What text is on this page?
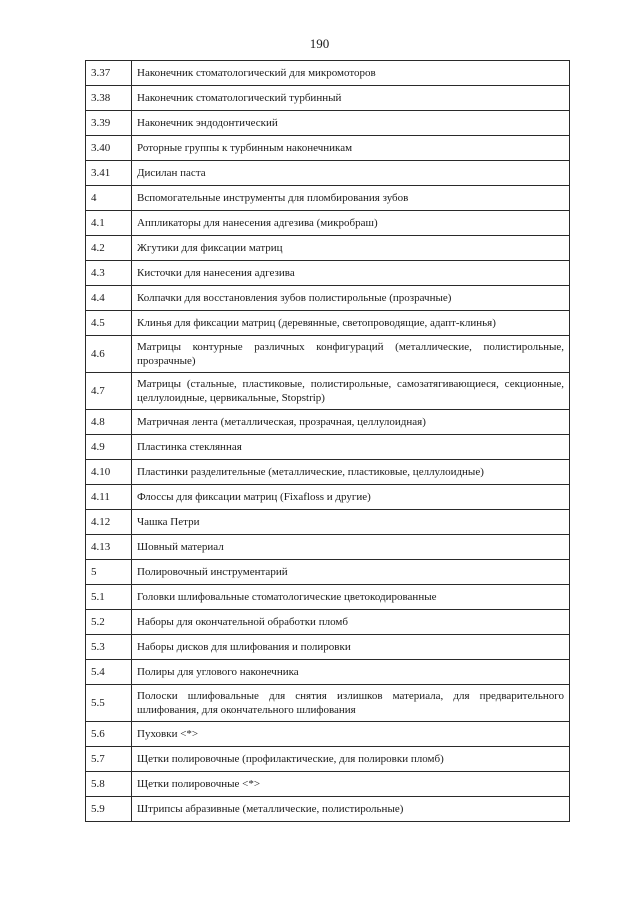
190
3.37	Наконечник стоматологический для микромоторов
3.38	Наконечник стоматологический турбинный
3.39	Наконечник эндодонтический
3.40	Роторные группы к турбинным наконечникам
3.41	Дисилан паста
4	Вспомогательные инструменты для пломбирования зубов
4.1	Аппликаторы для нанесения адгезива (микробраш)
4.2	Жгутики для фиксации матриц
4.3	Кисточки для нанесения адгезива
4.4	Колпачки для восстановления зубов полистирольные (прозрачные)
4.5	Клинья для фиксации матриц (деревянные, светопроводящие, адапт-клинья)
4.6	Матрицы контурные различных конфигураций (металлические, полистирольные, прозрачные)
4.7	Матрицы (стальные, пластиковые, полистирольные, самозатягивающиеся, секционные, целлулоидные, цервикальные, Stopstrip)
4.8	Матричная лента (металлическая, прозрачная, целлулоидная)
4.9	Пластинка стеклянная
4.10	Пластинки разделительные (металлические, пластиковые, целлулоидные)
4.11	Флоссы для фиксации матриц (Fixafloss и другие)
4.12	Чашка Петри
4.13	Шовный материал
5	Полировочный инструментарий
5.1	Головки шлифовальные стоматологические цветокодированные
5.2	Наборы для окончательной обработки пломб
5.3	Наборы дисков для шлифования и полировки
5.4	Полиры для углового наконечника
5.5	Полоски шлифовальные для снятия излишков материала, для предварительного шлифования, для окончательного шлифования
5.6	Пуховки <*>
5.7	Щетки полировочные (профилактические, для полировки пломб)
5.8	Щетки полировочные <*>
5.9	Штрипсы абразивные (металлические, полистирольные)
